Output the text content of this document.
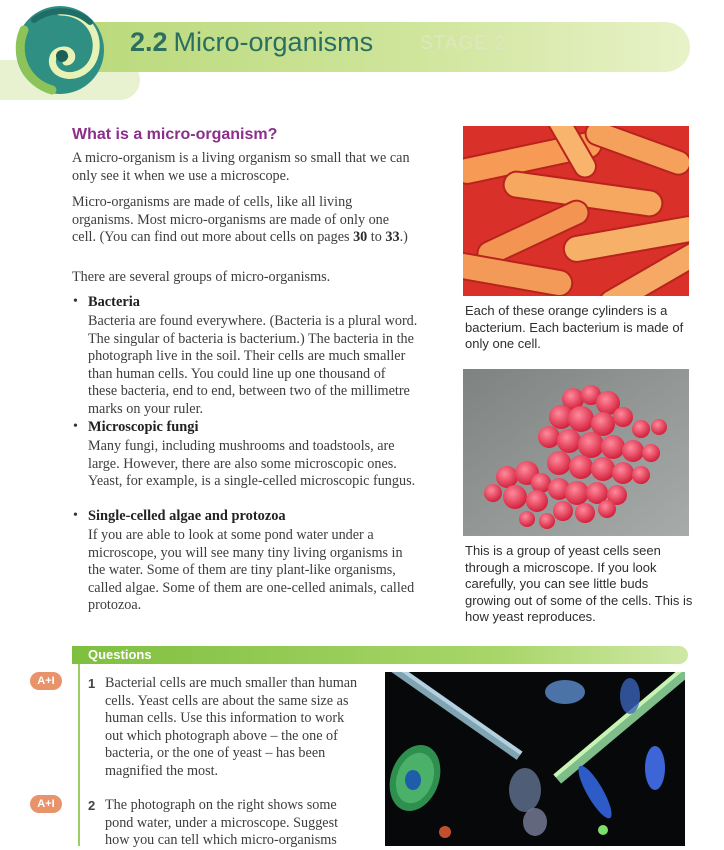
2.2 Micro-organisms STAGE 2
What is a micro-organism?
A micro-organism is a living organism so small that we can only see it when we use a microscope.
Micro-organisms are made of cells, like all living organisms. Most micro-organisms are made of only one cell. (You can find out more about cells on pages 30 to 33.)
There are several groups of micro-organisms.
• Bacteria
Bacteria are found everywhere. (Bacteria is a plural word. The singular of bacteria is bacterium.) The bacteria in the photograph live in the soil. Their cells are much smaller than human cells. You could line up one thousand of these bacteria, end to end, between two of the millimetre marks on your ruler.
• Microscopic fungi
Many fungi, including mushrooms and toadstools, are large. However, there are also some microscopic ones. Yeast, for example, is a single-celled microscopic fungus.
• Single-celled algae and protozoa
If you are able to look at some pond water under a microscope, you will see many tiny living organisms in the water. Some of them are tiny plant-like organisms, called algae. Some of them are one-celled animals, called protozoa.
Each of these orange cylinders is a bacterium. Each bacterium is made of only one cell.
This is a group of yeast cells seen through a microscope. If you look carefully, you can see little buds growing out of some of the cells. This is how yeast reproduces.
Questions
A+I	1 Bacterial cells are much smaller than human cells. Yeast cells are about the same size as human cells. Use this information to work out which photograph above – the one of bacteria, or the one of yeast – has been magnified the most.
A+I	2 The photograph on the right shows some pond water, under a microscope. Suggest how you can tell which micro-organisms
